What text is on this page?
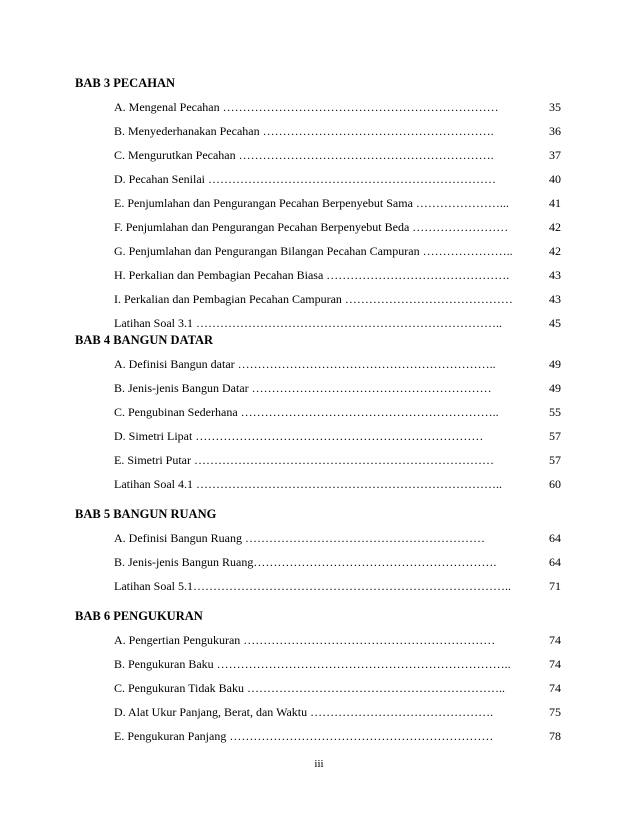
BAB 3 PECAHAN
A. Mengenal Pecahan ……………………………………………………………	35
B. Menyederhanakan Pecahan ………………………………………………….	36
C. Mengurutkan Pecahan ……………………………………………………….	37
D. Pecahan Senilai ………………………………………………………………	40
E. Penjumlahan dan Pengurangan Pecahan Berpenyebut Sama …………………...	41
F. Penjumlahan dan Pengurangan Pecahan Berpenyebut Beda ……………………	42
G. Penjumlahan dan Pengurangan Bilangan Pecahan Campuran …………………..	42
H. Perkalian dan Pembagian Pecahan Biasa ……………………………………….	43
I. Perkalian dan Pembagian Pecahan Campuran ……………………………………	43
Latihan Soal 3.1 …………………………………………………………………..	45
BAB 4 BANGUN DATAR
A. Definisi Bangun datar ………………………………………………………..	49
B. Jenis-jenis Bangun Datar ……………………………………………………	49
C. Pengubinan Sederhana ………………………………………………………..	55
D. Simetri Lipat ………………………………………………………………	57
E. Simetri Putar …………………………………………………………………	57
Latihan Soal 4.1 …………………………………………………………………..	60
BAB 5 BANGUN RUANG
A. Definisi Bangun Ruang ……………………………………………………	64
B. Jenis-jenis Bangun Ruang…………………………………………………….	64
Latihan Soal 5.1……………………………………………………………………..	71
BAB 6 PENGUKURAN
A. Pengertian Pengukuran ………………………………………………………	74
B. Pengukuran Baku ………………………………………………………………..	74
C. Pengukuran Tidak Baku ………………………………………………………..	74
D. Alat Ukur Panjang, Berat, dan Waktu ……………………………………….	75
E. Pengukuran Panjang …………………………………………………………	78
iii
